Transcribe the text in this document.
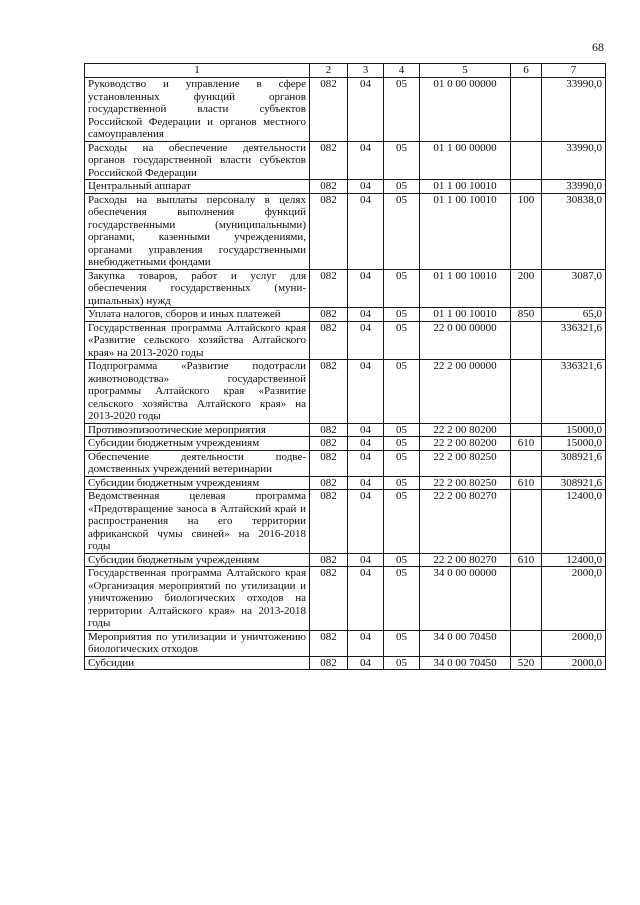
68
1	2	3	4	5	6	7
Руководство и управление в сфере установленных функций органов государственной власти субъектов Российской Федерации и органов местного самоуправления	082	04	05	01 0 00 00000		33990,0
Расходы на обеспечение деятельности органов государственной власти субъектов Российской Федерации	082	04	05	01 1 00 00000		33990,0
Центральный аппарат	082	04	05	01 1 00 10010		33990,0
Расходы на выплаты персоналу в целях обеспечения выполнения функций государственными (муниципальными) органами, казенными учреждениями, органами управления государственными внебюджетными фондами	082	04	05	01 1 00 10010	100	30838,0
Закупка товаров, работ и услуг для обеспечения государственных (муниципальных) нужд	082	04	05	01 1 00 10010	200	3087,0
Уплата налогов, сборов и иных платежей	082	04	05	01 1 00 10010	850	65,0
Государственная программа Алтайского края «Развитие сельского хозяйства Алтайского края» на 2013-2020 годы	082	04	05	22 0 00 00000		336321,6
Подпрограмма «Развитие подотрасли животноводства» государственной программы Алтайского края «Развитие сельского хозяйства Алтайского края» на 2013-2020 годы	082	04	05	22 2 00 00000		336321,6
Противоэпизоотические мероприятия	082	04	05	22 2 00 80200		15000,0
Субсидии бюджетным учреждениям	082	04	05	22 2 00 80200	610	15000,0
Обеспечение деятельности подведомственных учреждений ветеринарии	082	04	05	22 2 00 80250		308921,6
Субсидии бюджетным учреждениям	082	04	05	22 2 00 80250	610	308921,6
Ведомственная целевая программа «Предотвращение заноса в Алтайский край и распространения на его территории африканской чумы свиней» на 2016-2018 годы	082	04	05	22 2 00 80270		12400,0
Субсидии бюджетным учреждениям	082	04	05	22 2 00 80270	610	12400,0
Государственная программа Алтайского края «Организация мероприятий по утилизации и уничтожению биологических отходов на территории Алтайского края» на 2013-2018 годы	082	04	05	34 0 00 00000		2000,0
Мероприятия по утилизации и уничтожению биологических отходов	082	04	05	34 0 00 70450		2000,0
Субсидии	082	04	05	34 0 00 70450	520	2000,0
